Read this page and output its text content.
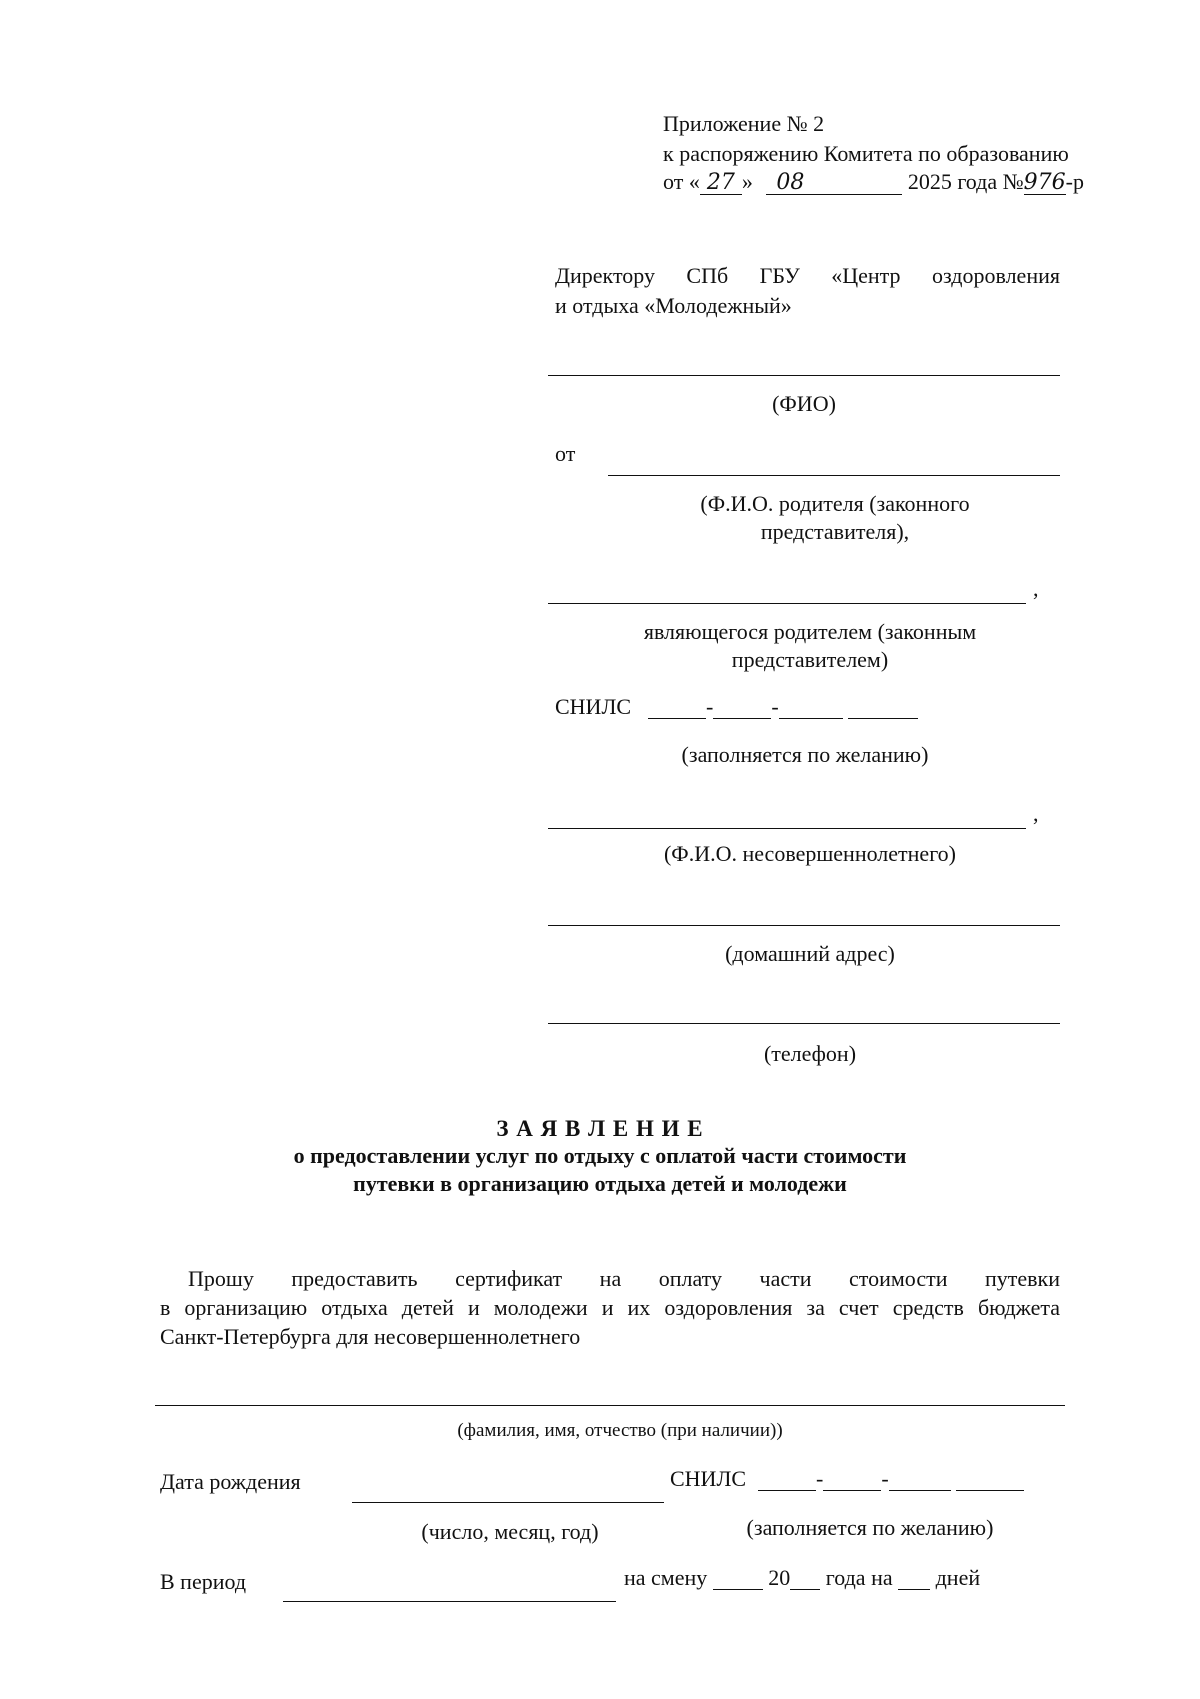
Приложение № 2
к распоряжению Комитета по образованию
от « 27 » 08	2025 года №976-р
Директору СПб ГБУ «Центр оздоровления
и отдыха «Молодежный»
(ФИО)
от
(Ф.И.О. родителя (законного
представителя),
,
являющегося родителем (законным
представителем)
СНИЛС	-	-
(заполняется по желанию)
,
(Ф.И.О. несовершеннолетнего)
(домашний адрес)
(телефон)
З А Я В Л Е Н И Е
о предоставлении услуг по отдыху с оплатой части стоимости
путевки в организацию отдыха детей и молодежи
Прошу предоставить сертификат на оплату части стоимости путевки
в организацию отдыха детей и молодежи и их оздоровления за счет средств бюджета
Санкт-Петербурга для несовершеннолетнего
(фамилия, имя, отчество (при наличии))
Дата рождения	СНИЛС	-	-
(число, месяц, год)	(заполняется по желанию)
В период	на смену	20 года на дней
